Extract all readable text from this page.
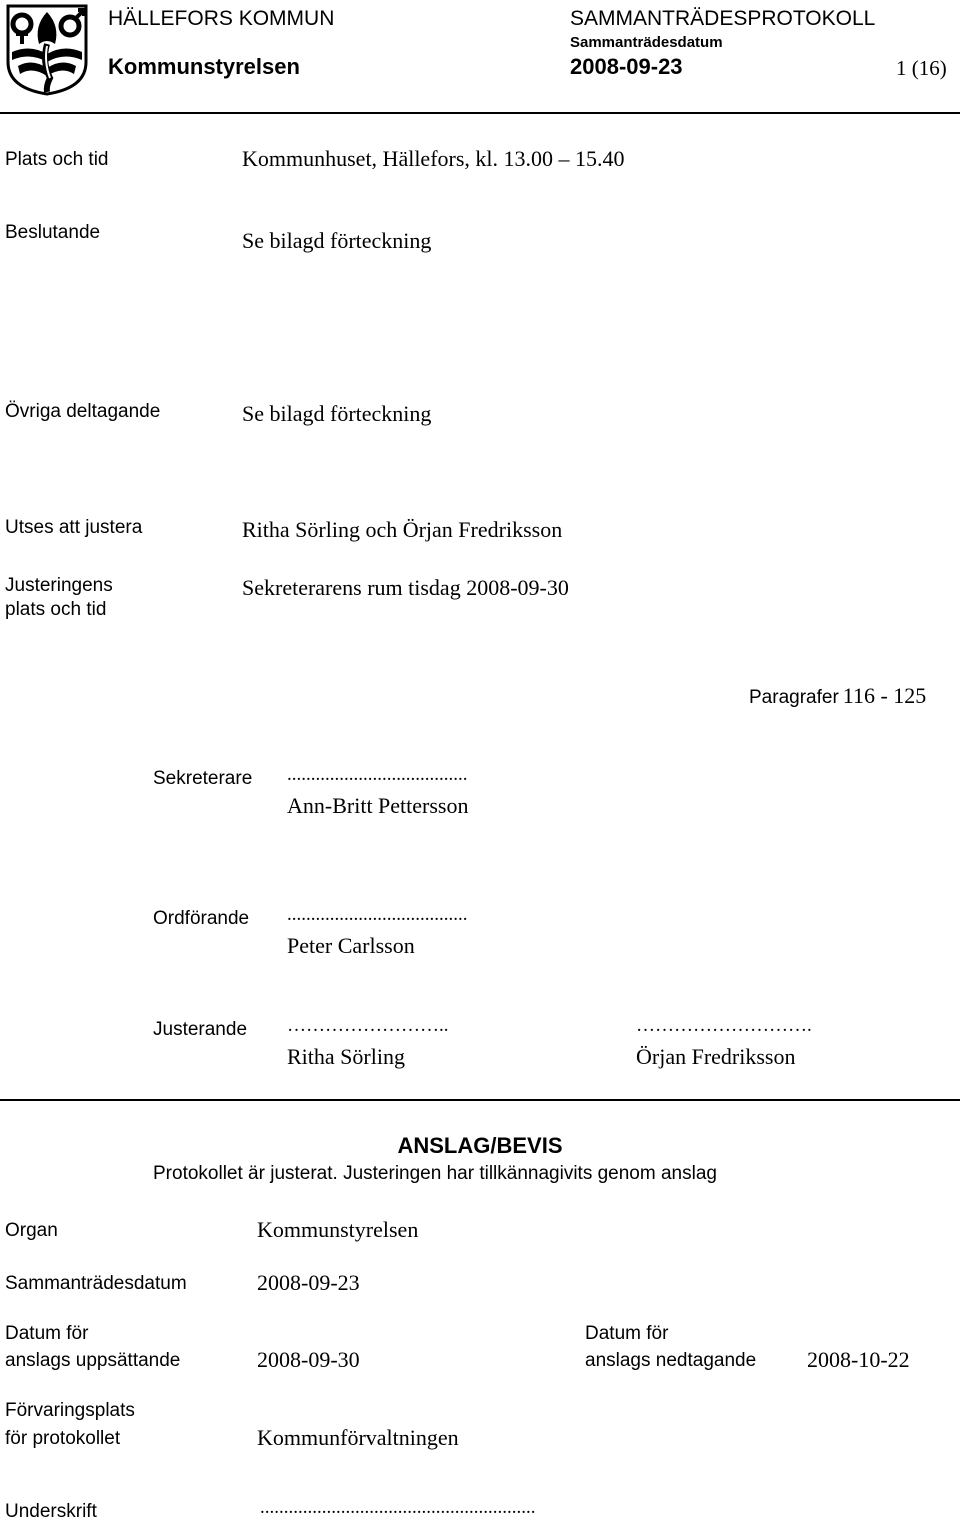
HÄLLEFORS KOMMUN
Kommunstyrelsen
SAMMANTRÄDESPROTOKOLL
Sammanträdesdatum
2008-09-23	1 (16)
Plats och tid	Kommunhuset, Hällefors, kl. 13.00 – 15.40
Beslutande	Se bilagd förteckning
Övriga deltagande	Se bilagd förteckning
Utses att justera	Ritha Sörling och Örjan Fredriksson
Justeringens
plats och tid
Sekreterarens rum tisdag 2008-09-30
Paragrafer 116 - 125
Sekreterare ......................................
Ann-Britt Pettersson
Ordförande ......................................
Peter Carlsson
Justerande ……………………..
Ritha Sörling
……………………….
Örjan Fredriksson
ANSLAG/BEVIS
Protokollet är justerat. Justeringen har tillkännagivits genom anslag
Organ	Kommunstyrelsen
Sammanträdesdatum	2008-09-23
Datum för
anslags uppsättande	2008-09-30
Datum för
anslags nedtagande 2008-10-22
Förvaringsplats
för protokollet	Kommunförvaltningen
Underskrift	..........................................................
